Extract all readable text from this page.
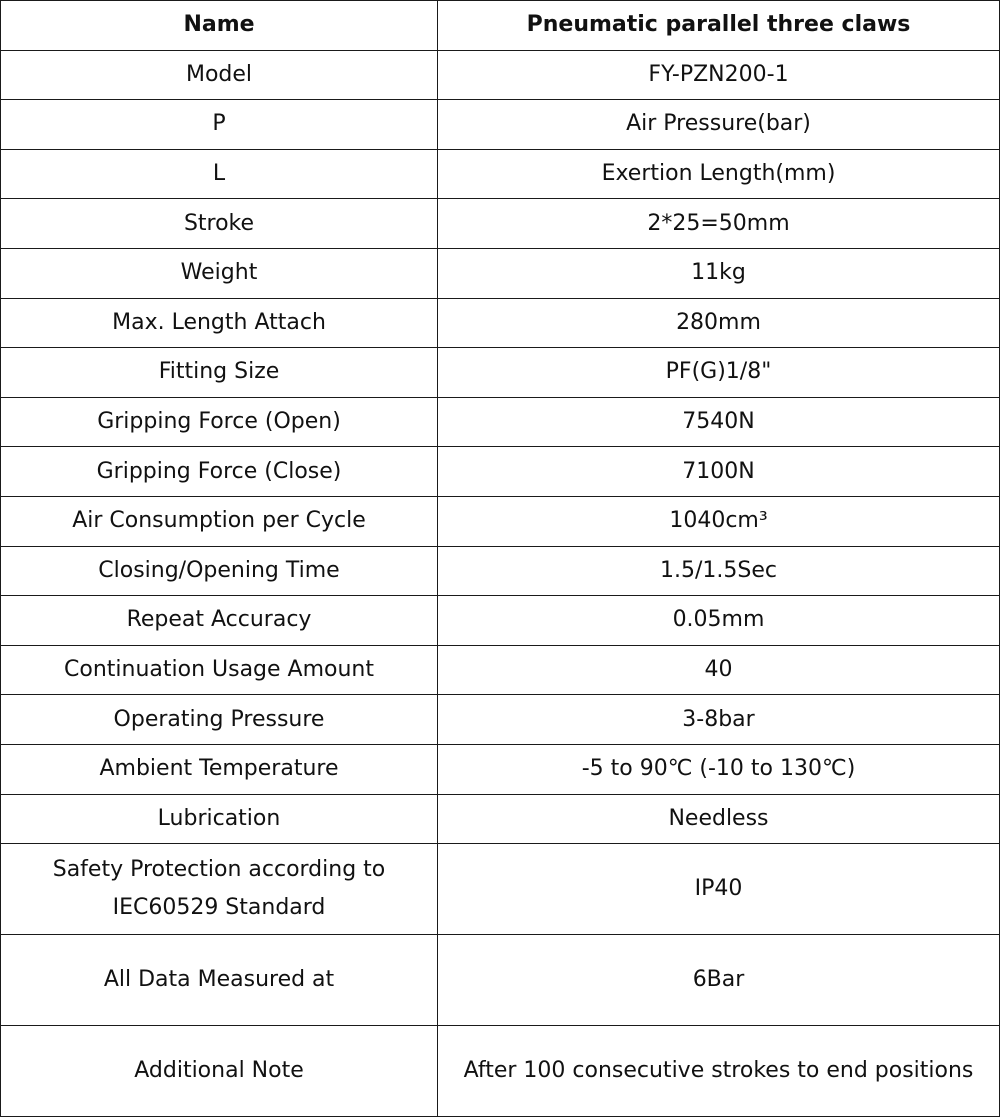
Name	Pneumatic parallel three claws
Model	FY-PZN200-1
P	Air Pressure(bar)
L	Exertion Length(mm)
Stroke	2*25=50mm
Weight	11kg
Max. Length Attach	280mm
Fitting Size	PF(G)1/8"
Gripping Force (Open)	7540N
Gripping Force (Close)	7100N
Air Consumption per Cycle	1040cm³
Closing/Opening Time	1.5/1.5Sec
Repeat Accuracy	0.05mm
Continuation Usage Amount	40
Operating Pressure	3-8bar
Ambient Temperature	-5 to 90℃ (-10 to 130℃)
Lubrication	Needless
Safety Protection according to IEC60529 Standard	IP40
All Data Measured at	6Bar
Additional Note	After 100 consecutive strokes to end positions
